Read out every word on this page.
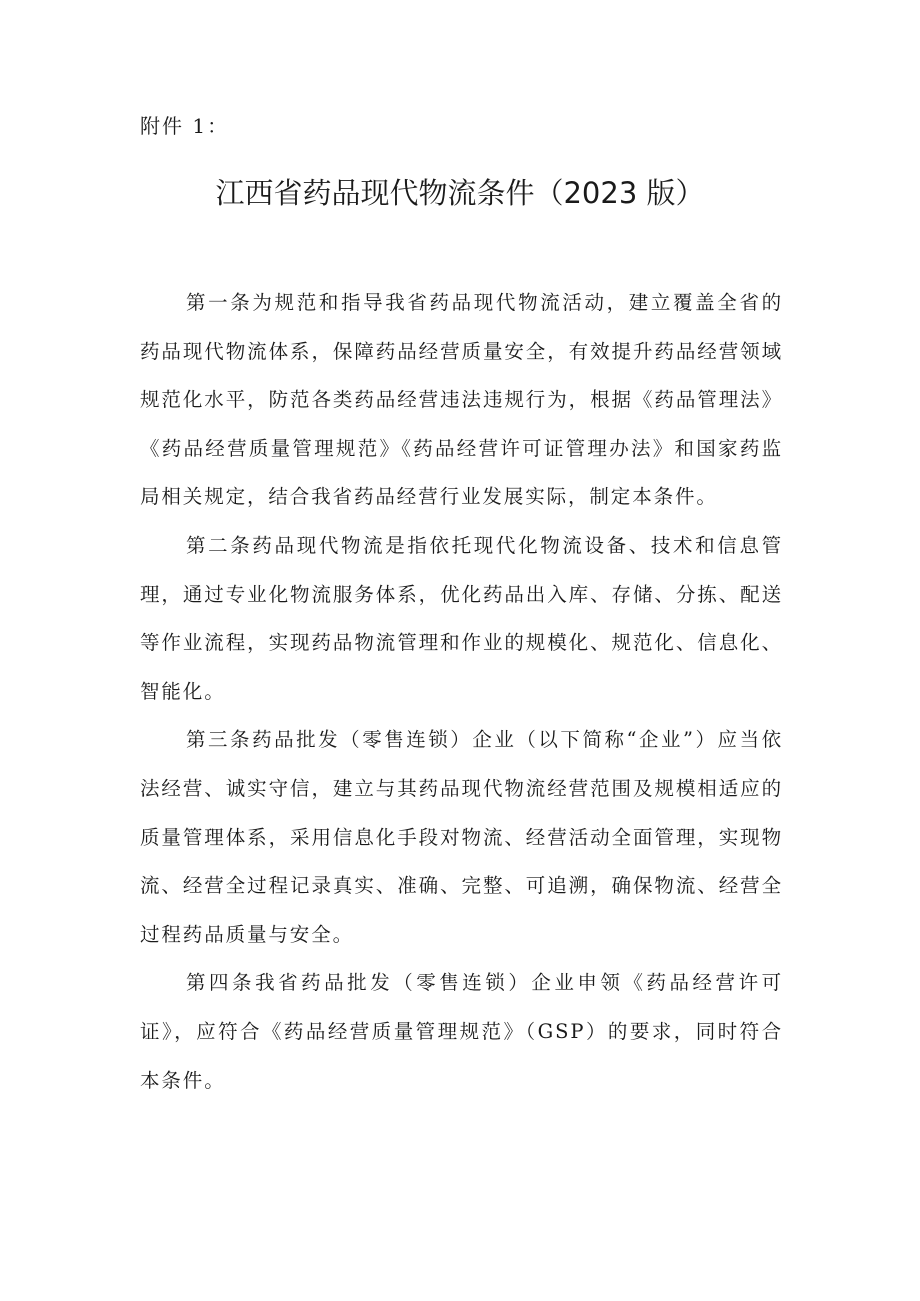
附件 1：
江西省药品现代物流条件（2023 版）

第一条为规范和指导我省药品现代物流活动，建立覆盖全省的药品现代物流体系，保障药品经营质量安全，有效提升药品经营领域规范化水平，防范各类药品经营违法违规行为，根据《药品管理法》《药品经营质量管理规范》《药品经营许可证管理办法》和国家药监局相关规定，结合我省药品经营行业发展实际，制定本条件。

第二条药品现代物流是指依托现代化物流设备、技术和信息管理，通过专业化物流服务体系，优化药品出入库、存储、分拣、配送等作业流程，实现药品物流管理和作业的规模化、规范化、信息化、智能化。

第三条药品批发（零售连锁）企业（以下简称“企业”）应当依法经营、诚实守信，建立与其药品现代物流经营范围及规模相适应的质量管理体系，采用信息化手段对物流、经营活动全面管理，实现物流、经营全过程记录真实、准确、完整、可追溯，确保物流、经营全过程药品质量与安全。

第四条我省药品批发（零售连锁）企业申领《药品经营许可证》，应符合《药品经营质量管理规范》（GSP）的要求，同时符合本条件。
